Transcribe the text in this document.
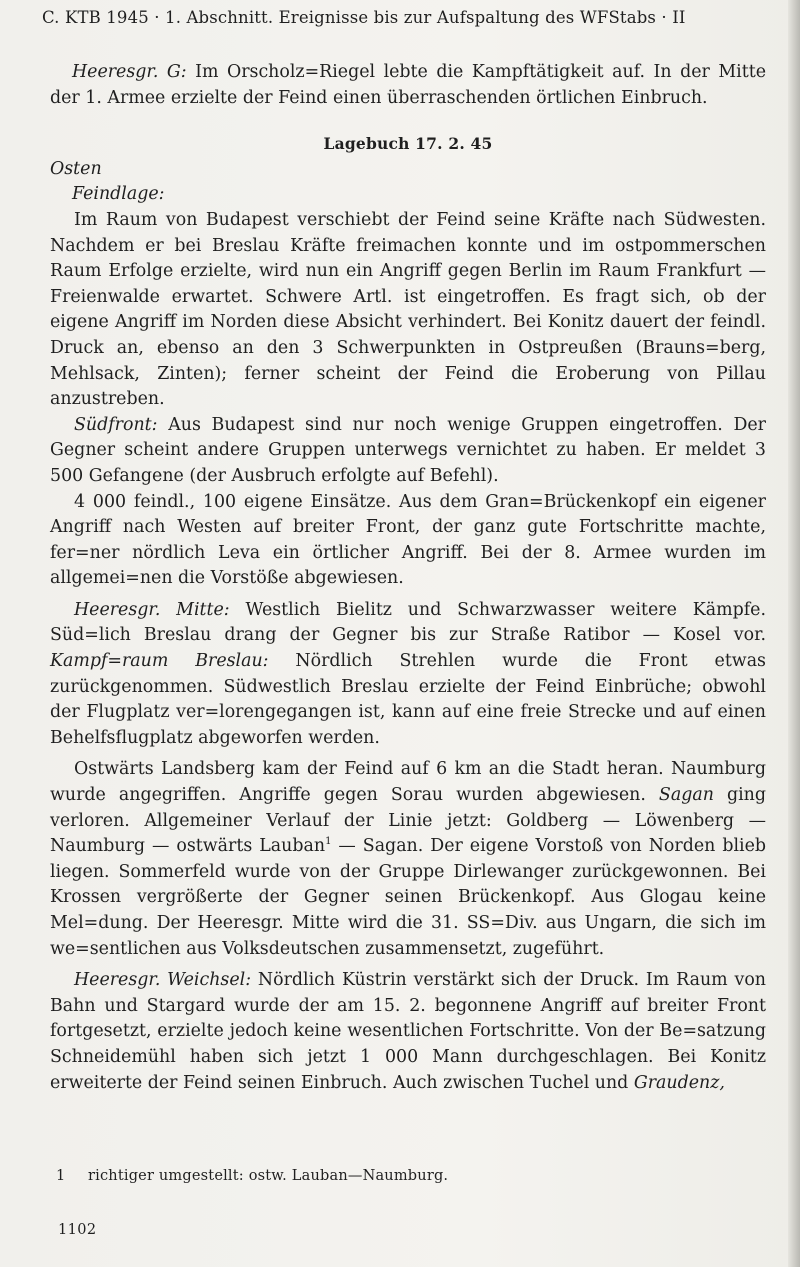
C. KTB 1945 · 1. Abschnitt. Ereignisse bis zur Aufspaltung des WFStabs · II

Heeresgr. G: Im Orscholz=Riegel lebte die Kampftätigkeit auf. In der Mitte der 1. Armee erzielte der Feind einen überraschenden örtlichen Einbruch.

Lagebuch 17. 2. 45

Osten

Feindlage:

Im Raum von Budapest verschiebt der Feind seine Kräfte nach Südwesten. Nachdem er bei Breslau Kräfte freimachen konnte und im ostpommerschen Raum Erfolge erzielte, wird nun ein Angriff gegen Berlin im Raum Frankfurt — Freienwalde erwartet. Schwere Artl. ist eingetroffen. Es fragt sich, ob der eigene Angriff im Norden diese Absicht verhindert. Bei Konitz dauert der feindl. Druck an, ebenso an den 3 Schwerpunkten in Ostpreußen (Brauns=berg, Mehlsack, Zinten); ferner scheint der Feind die Eroberung von Pillau anzustreben.

Südfront: Aus Budapest sind nur noch wenige Gruppen eingetroffen. Der Gegner scheint andere Gruppen unterwegs vernichtet zu haben. Er meldet 3 500 Gefangene (der Ausbruch erfolgte auf Befehl).

4 000 feindl., 100 eigene Einsätze. Aus dem Gran=Brückenkopf ein eigener Angriff nach Westen auf breiter Front, der ganz gute Fortschritte machte, fer=ner nördlich Leva ein örtlicher Angriff. Bei der 8. Armee wurden im allgemei=nen die Vorstöße abgewiesen.

Heeresgr. Mitte: Westlich Bielitz und Schwarzwasser weitere Kämpfe. Süd=lich Breslau drang der Gegner bis zur Straße Ratibor — Kosel vor. Kampf=raum Breslau: Nördlich Strehlen wurde die Front etwas zurückgenommen. Südwestlich Breslau erzielte der Feind Einbrüche; obwohl der Flugplatz ver=lorengegangen ist, kann auf eine freie Strecke und auf einen Behelfsflugplatz abgeworfen werden.

Ostwärts Landsberg kam der Feind auf 6 km an die Stadt heran. Naumburg wurde angegriffen. Angriffe gegen Sorau wurden abgewiesen. Sagan ging verloren. Allgemeiner Verlauf der Linie jetzt: Goldberg — Löwenberg — Naumburg — ostwärts Lauban$^1$ — Sagan. Der eigene Vorstoß von Norden blieb liegen. Sommerfeld wurde von der Gruppe Dirlewanger zurückgewonnen. Bei Krossen vergrößerte der Gegner seinen Brückenkopf. Aus Glogau keine Mel=dung. Der Heeresgr. Mitte wird die 31. SS=Div. aus Ungarn, die sich im we=sentlichen aus Volksdeutschen zusammensetzt, zugeführt.

Heeresgr. Weichsel: Nördlich Küstrin verstärkt sich der Druck. Im Raum von Bahn und Stargard wurde der am 15. 2. begonnene Angriff auf breiter Front fortgesetzt, erzielte jedoch keine wesentlichen Fortschritte. Von der Be=satzung Schneidemühl haben sich jetzt 1 000 Mann durchgeschlagen. Bei Konitz erweiterte der Feind seinen Einbruch. Auch zwischen Tuchel und Graudenz,

1 richtiger umgestellt: ostw. Lauban—Naumburg.
1102
